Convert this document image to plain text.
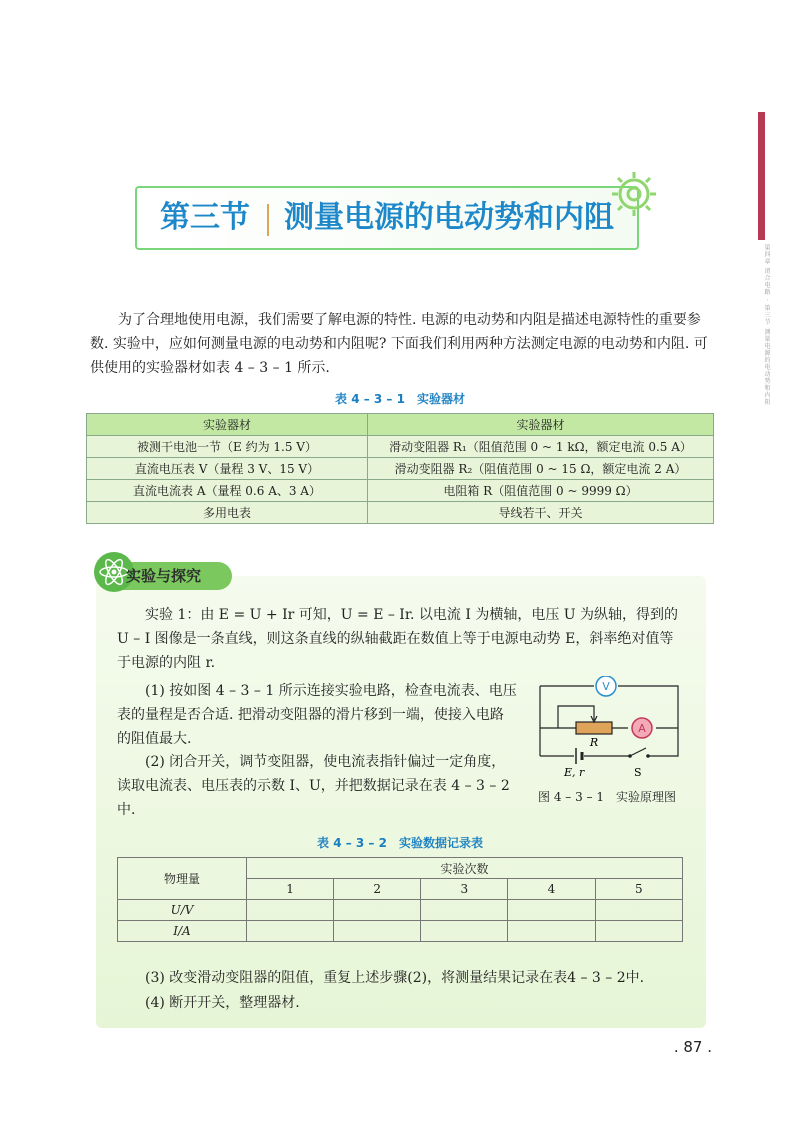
第四章 闭合电路 · 第三节 测量电源的电动势和内阻
第三节 测量电源的电动势和内阻
为了合理地使用电源，我们需要了解电源的特性. 电源的电动势和内阻是描述电源特性的重要参数. 实验中，应如何测量电源的电动势和内阻呢? 下面我们利用两种方法测定电源的电动势和内阻. 可供使用的实验器材如表 4 – 3 – 1 所示.
表 4 – 3 – 1　实验器材
实验器材	实验器材
被测干电池一节（E 约为 1.5 V）	滑动变阻器 R₁（阻值范围 0 ~ 1 kΩ，额定电流 0.5 A）
直流电压表 V（量程 3 V、15 V）	滑动变阻器 R₂（阻值范围 0 ~ 15 Ω，额定电流 2 A）
直流电流表 A（量程 0.6 A、3 A）	电阻箱 R（阻值范围 0 ~ 9999 Ω）
多用电表	导线若干、开关
实验与探究
实验 1：由 E = U + Ir 可知，U = E – Ir. 以电流 I 为横轴，电压 U 为纵轴，得到的 U – I 图像是一条直线，则这条直线的纵轴截距在数值上等于电源电动势 E，斜率绝对值等于电源的内阻 r.
(1) 按如图 4 – 3 – 1 所示连接实验电路，检查电流表、电压表的量程是否合适. 把滑动变阻器的滑片移到一端，使接入电路的阻值最大.
(2) 闭合开关，调节变阻器，使电流表指针偏过一定角度，读取电流表、电压表的示数 I、U，并把数据记录在表 4 – 3 – 2 中.
V
A
R
E, r	S
图 4 – 3 – 1　实验原理图
表 4 – 3 – 2　实验数据记录表
物理量	实验次数				
	1	2	3	4	5
U/V					
I/A					
(3) 改变滑动变阻器的阻值，重复上述步骤(2)，将测量结果记录在表4 – 3 – 2中.
(4) 断开开关，整理器材.
. 87 .
